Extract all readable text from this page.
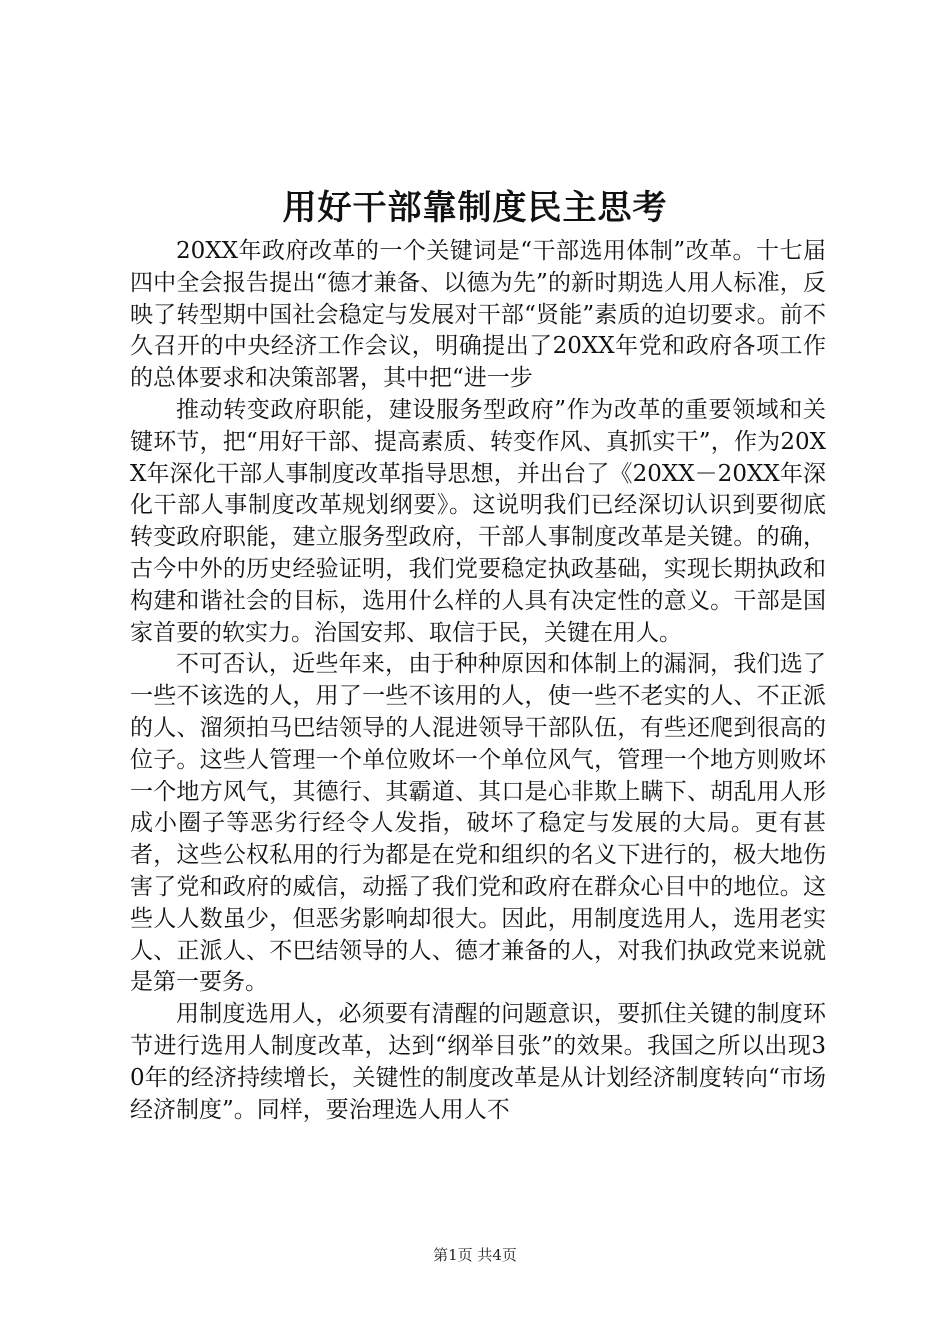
用好干部靠制度民主思考

20XX年政府改革的一个关键词是“干部选用体制”改革。十七届四中全会报告提出“德才兼备、以德为先”的新时期选人用人标准，反映了转型期中国社会稳定与发展对干部“贤能”素质的迫切要求。前不久召开的中央经济工作会议，明确提出了20XX年党和政府各项工作的总体要求和决策部署，其中把“进一步

推动转变政府职能，建设服务型政府”作为改革的重要领域和关键环节，把“用好干部、提高素质、转变作风、真抓实干”，作为20XX年深化干部人事制度改革指导思想，并出台了《20XX－20XX年深化干部人事制度改革规划纲要》。这说明我们已经深切认识到要彻底转变政府职能，建立服务型政府，干部人事制度改革是关键。的确，古今中外的历史经验证明，我们党要稳定执政基础，实现长期执政和构建和谐社会的目标，选用什么样的人具有决定性的意义。干部是国家首要的软实力。治国安邦、取信于民，关键在用人。

不可否认，近些年来，由于种种原因和体制上的漏洞，我们选了一些不该选的人，用了一些不该用的人，使一些不老实的人、不正派的人、溜须拍马巴结领导的人混进领导干部队伍，有些还爬到很高的位子。这些人管理一个单位败坏一个单位风气，管理一个地方则败坏一个地方风气，其德行、其霸道、其口是心非欺上瞒下、胡乱用人形成小圈子等恶劣行经令人发指，破坏了稳定与发展的大局。更有甚者，这些公权私用的行为都是在党和组织的名义下进行的，极大地伤害了党和政府的威信，动摇了我们党和政府在群众心目中的地位。这些人人数虽少，但恶劣影响却很大。因此，用制度选用人，选用老实人、正派人、不巴结领导的人、德才兼备的人，对我们执政党来说就是第一要务。

用制度选用人，必须要有清醒的问题意识，要抓住关键的制度环节进行选用人制度改革，达到“纲举目张”的效果。我国之所以出现30年的经济持续增长，关键性的制度改革是从计划经济制度转向“市场经济制度”。同样，要治理选人用人不

第1页 共4页
